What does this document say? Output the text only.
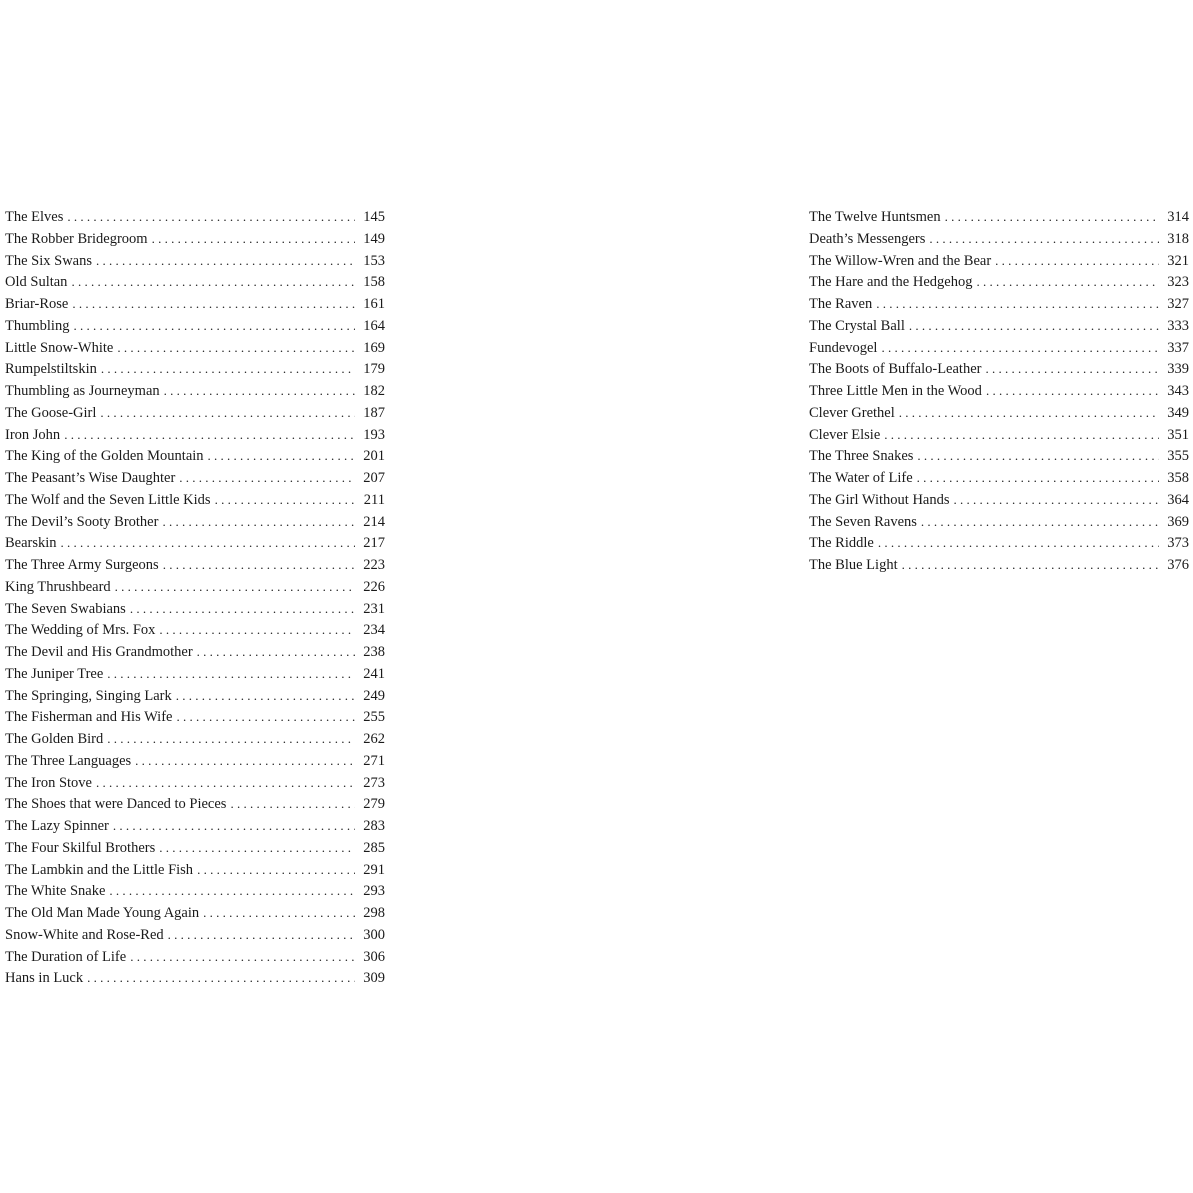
The Elves . . .	145
The Robber Bridegroom . . .	149
The Six Swans . . .	153
Old Sultan . . .	158
Briar-Rose . . .	161
Thumbling . . .	164
Little Snow-White . . .	169
Rumpelstiltskin . . .	179
Thumbling as Journeyman . . .	182
The Goose-Girl . . .	187
Iron John . . .	193
The King of the Golden Mountain . . .	201
The Peasant’s Wise Daughter . . .	207
The Wolf and the Seven Little Kids . . .	211
The Devil’s Sooty Brother . . .	214
Bearskin . . .	217
The Three Army Surgeons . . .	223
King Thrushbeard . . .	226
The Seven Swabians . . .	231
The Wedding of Mrs. Fox . . .	234
The Devil and His Grandmother . . .	238
The Juniper Tree . . .	241
The Springing, Singing Lark . . .	249
The Fisherman and His Wife . . .	255
The Golden Bird . . .	262
The Three Languages . . .	271
The Iron Stove . . .	273
The Shoes that were Danced to Pieces . . .	279
The Lazy Spinner . . .	283
The Four Skilful Brothers . . .	285
The Lambkin and the Little Fish . . .	291
The White Snake . . .	293
The Old Man Made Young Again . . .	298
Snow-White and Rose-Red . . .	300
The Duration of Life . . .	306
Hans in Luck . . .	309
The Twelve Huntsmen . . .	314
Death’s Messengers . . .	318
The Willow-Wren and the Bear . . .	321
The Hare and the Hedgehog . . .	323
The Raven . . .	327
The Crystal Ball . . .	333
Fundevogel . . .	337
The Boots of Buffalo-Leather . . .	339
Three Little Men in the Wood . . .	343
Clever Grethel . . .	349
Clever Elsie . . .	351
The Three Snakes . . .	355
The Water of Life . . .	358
The Girl Without Hands . . .	364
The Seven Ravens . . .	369
The Riddle . . .	373
The Blue Light . . .	376
